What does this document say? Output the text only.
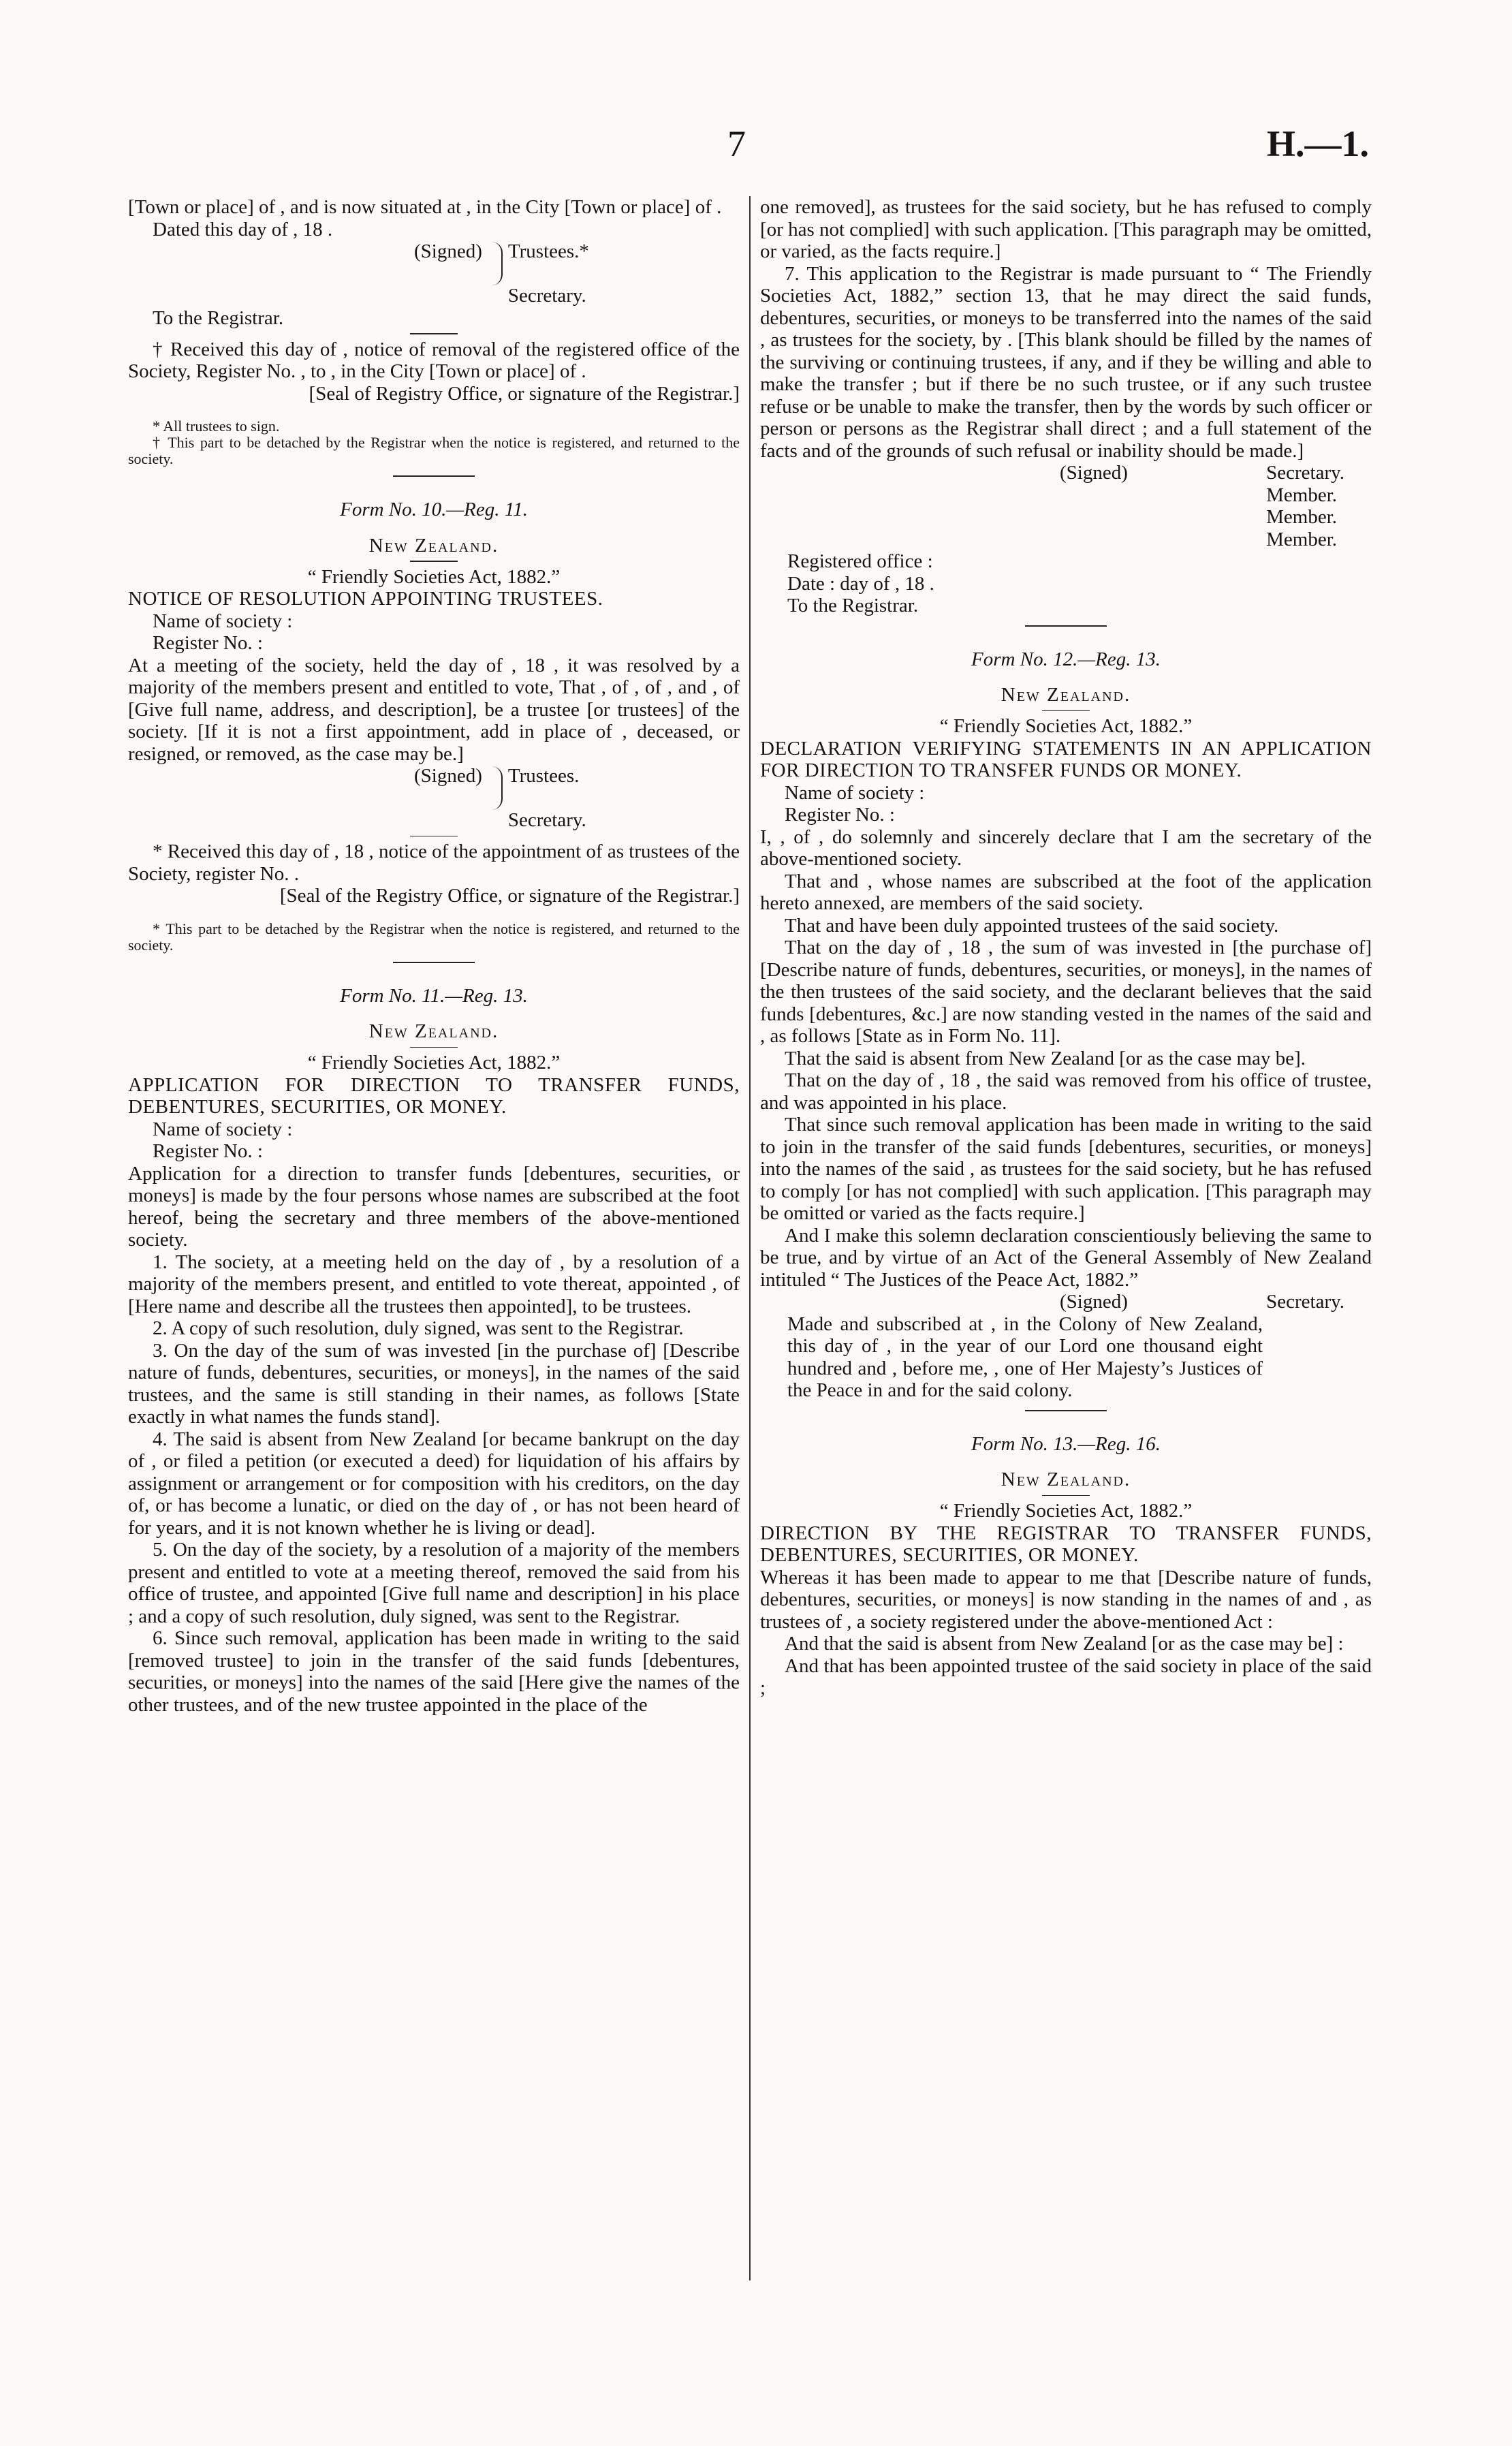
7	H.—1.

[Town or place] of , and is now situated at , in the City [Town or place] of .

Dated this day of , 18 .

(Signed) Trustees.*

Secretary.

To the Registrar.

† Received this day of , notice of removal of the registered office of the Society, Register No. , to , in the City [Town or place] of .

[Seal of Registry Office, or signature of the Registrar.]

* All trustees to sign.

† This part to be detached by the Registrar when the notice is registered, and returned to the society.

Form No. 10.—Reg. 11.

New Zealand.

“ Friendly Societies Act, 1882.”

NOTICE OF RESOLUTION APPOINTING TRUSTEES.

Name of society :

Register No. :

At a meeting of the society, held the day of , 18 , it was resolved by a majority of the members present and entitled to vote, That , of , of , and , of [Give full name, address, and description], be a trustee [or trustees] of the society. [If it is not a first appointment, add in place of , deceased, or resigned, or removed, as the case may be.]

(Signed) Trustees.

Secretary.

* Received this day of , 18 , notice of the appointment of as trustees of the Society, register No. .

[Seal of the Registry Office, or signature of the Registrar.]

* This part to be detached by the Registrar when the notice is registered, and returned to the society.

Form No. 11.—Reg. 13.

New Zealand.

“ Friendly Societies Act, 1882.”

APPLICATION FOR DIRECTION TO TRANSFER FUNDS, DEBENTURES, SECURITIES, OR MONEY.

Name of society :

Register No. :

Application for a direction to transfer funds [debentures, securities, or moneys] is made by the four persons whose names are subscribed at the foot hereof, being the secretary and three members of the above-mentioned society.

1. The society, at a meeting held on the day of , by a resolution of a majority of the members present, and entitled to vote thereat, appointed , of [Here name and describe all the trustees then appointed], to be trustees.

2. A copy of such resolution, duly signed, was sent to the Registrar.

3. On the day of the sum of was invested [in the purchase of] [Describe nature of funds, debentures, securities, or moneys], in the names of the said trustees, and the same is still standing in their names, as follows [State exactly in what names the funds stand].

4. The said is absent from New Zealand [or became bankrupt on the day of , or filed a petition (or executed a deed) for liquidation of his affairs by assignment or arrangement or for composition with his creditors, on the day of, or has become a lunatic, or died on the day of , or has not been heard of for years, and it is not known whether he is living or dead].

5. On the day of the society, by a resolution of a majority of the members present and entitled to vote at a meeting thereof, removed the said from his office of trustee, and appointed [Give full name and description] in his place ; and a copy of such resolution, duly signed, was sent to the Registrar.

6. Since such removal, application has been made in writing to the said [removed trustee] to join in the transfer of the said funds [debentures, securities, or moneys] into the names of the said [Here give the names of the other trustees, and of the new trustee appointed in the place of the

one removed], as trustees for the said society, but he has refused to comply [or has not complied] with such application. [This paragraph may be omitted, or varied, as the facts require.]

7. This application to the Registrar is made pursuant to “ The Friendly Societies Act, 1882,” section 13, that he may direct the said funds, debentures, securities, or moneys to be transferred into the names of the said , as trustees for the society, by . [This blank should be filled by the names of the surviving or continuing trustees, if any, and if they be willing and able to make the transfer ; but if there be no such trustee, or if any such trustee refuse or be unable to make the transfer, then by the words by such officer or person or persons as the Registrar shall direct ; and a full statement of the facts and of the grounds of such refusal or inability should be made.]

(Signed)	Secretary.
Member.
Member.
Member.

Registered office :

Date : day of , 18 .

To the Registrar.

Form No. 12.—Reg. 13.

New Zealand.

“ Friendly Societies Act, 1882.”

DECLARATION VERIFYING STATEMENTS IN AN APPLICATION FOR DIRECTION TO TRANSFER FUNDS OR MONEY.

Name of society :

Register No. :

I, , of , do solemnly and sincerely declare that I am the secretary of the above-mentioned society.

That and , whose names are subscribed at the foot of the application hereto annexed, are members of the said society.

That and have been duly appointed trustees of the said society.

That on the day of , 18 , the sum of was invested in [the purchase of] [Describe nature of funds, debentures, securities, or moneys], in the names of the then trustees of the said society, and the declarant believes that the said funds [debentures, &c.] are now standing vested in the names of the said and , as follows [State as in Form No. 11].

That the said is absent from New Zealand [or as the case may be].

That on the day of , 18 , the said was removed from his office of trustee, and was appointed in his place.

That since such removal application has been made in writing to the said to join in the transfer of the said funds [debentures, securities, or moneys] into the names of the said , as trustees for the said society, but he has refused to comply [or has not complied] with such application. [This paragraph may be omitted or varied as the facts require.]

And I make this solemn declaration conscientiously believing the same to be true, and by virtue of an Act of the General Assembly of New Zealand intituled “ The Justices of the Peace Act, 1882.”

(Signed)	Secretary.

Made and subscribed at , in the Colony of New Zealand, this day of , in the year of our Lord one thousand eight hundred and , before me, , one of Her Majesty’s Justices of the Peace in and for the said colony.

Form No. 13.—Reg. 16.

New Zealand.

“ Friendly Societies Act, 1882.”

DIRECTION BY THE REGISTRAR TO TRANSFER FUNDS, DEBENTURES, SECURITIES, OR MONEY.

Whereas it has been made to appear to me that [Describe nature of funds, debentures, securities, or moneys] is now standing in the names of and , as trustees of , a society registered under the above-mentioned Act :

And that the said is absent from New Zealand [or as the case may be] :

And that has been appointed trustee of the said society in place of the said ;
